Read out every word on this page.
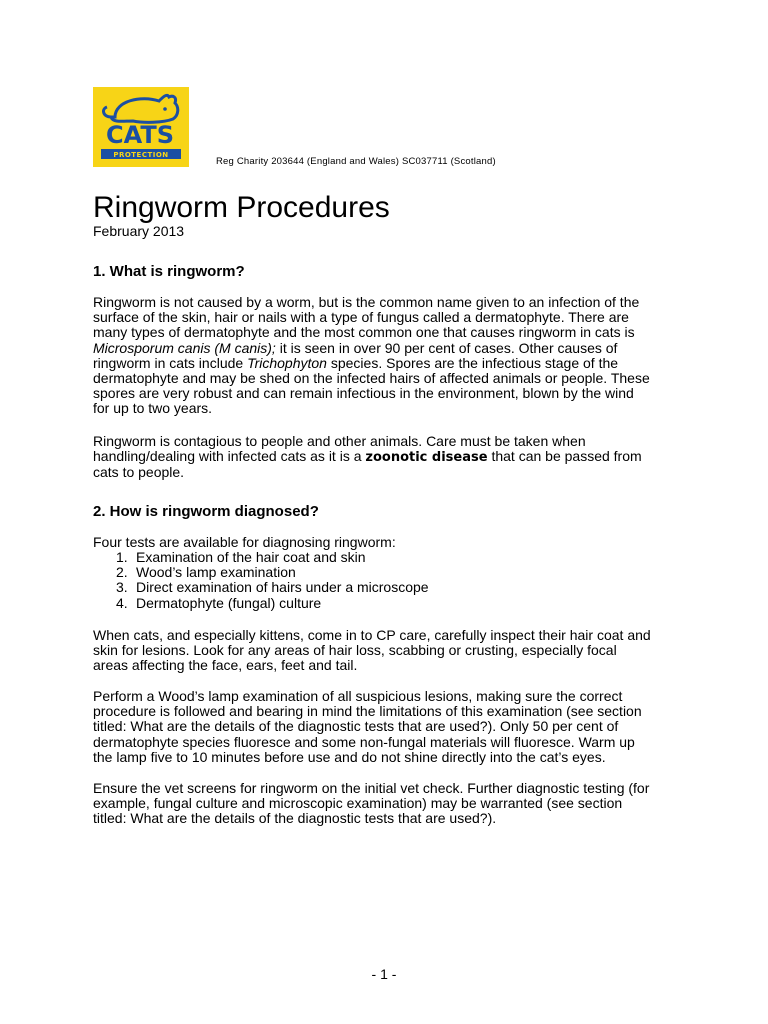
CATS
PROTECTION
Reg Charity 203644 (England and Wales) SC037711 (Scotland)
Ringworm Procedures
February 2013
1. What is ringworm?
Ringworm is not caused by a worm, but is the common name given to an infection of the
surface of the skin, hair or nails with a type of fungus called a dermatophyte. There are
many types of dermatophyte and the most common one that causes ringworm in cats is
Microsporum canis (M canis); it is seen in over 90 per cent of cases. Other causes of
ringworm in cats include Trichophyton species. Spores are the infectious stage of the
dermatophyte and may be shed on the infected hairs of affected animals or people. These
spores are very robust and can remain infectious in the environment, blown by the wind
for up to two years.
Ringworm is contagious to people and other animals. Care must be taken when
handling/dealing with infected cats as it is a zoonotic disease that can be passed from
cats to people.
2. How is ringworm diagnosed?
Four tests are available for diagnosing ringworm:
1. Examination of the hair coat and skin
2. Wood’s lamp examination
3. Direct examination of hairs under a microscope
4. Dermatophyte (fungal) culture
When cats, and especially kittens, come in to CP care, carefully inspect their hair coat and
skin for lesions. Look for any areas of hair loss, scabbing or crusting, especially focal
areas affecting the face, ears, feet and tail.
Perform a Wood’s lamp examination of all suspicious lesions, making sure the correct
procedure is followed and bearing in mind the limitations of this examination (see section
titled: What are the details of the diagnostic tests that are used?). Only 50 per cent of
dermatophyte species fluoresce and some non-fungal materials will fluoresce. Warm up
the lamp five to 10 minutes before use and do not shine directly into the cat’s eyes.
Ensure the vet screens for ringworm on the initial vet check. Further diagnostic testing (for
example, fungal culture and microscopic examination) may be warranted (see section
titled: What are the details of the diagnostic tests that are used?).
- 1 -
